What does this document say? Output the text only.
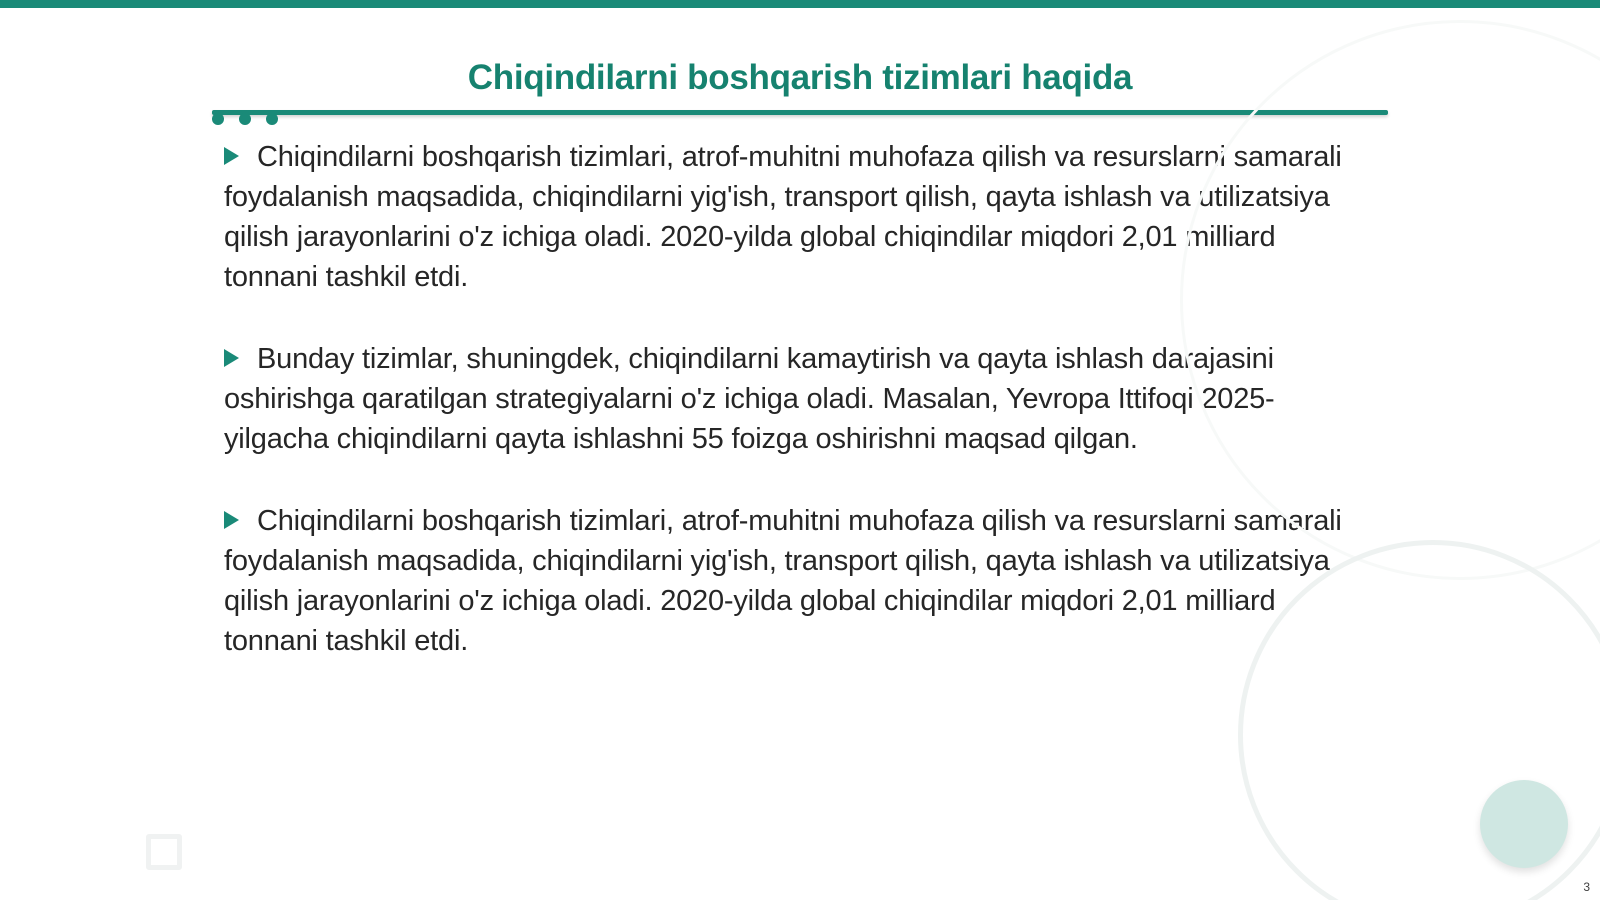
Chiqindilarni boshqarish tizimlari haqida
Chiqindilarni boshqarish tizimlari, atrof-muhitni muhofaza qilish va resurslarni samarali foydalanish maqsadida, chiqindilarni yig'ish, transport qilish, qayta ishlash va utilizatsiya qilish jarayonlarini o'z ichiga oladi. 2020-yilda global chiqindilar miqdori 2,01 milliard tonnani tashkil etdi.
Bunday tizimlar, shuningdek, chiqindilarni kamaytirish va qayta ishlash darajasini oshirishga qaratilgan strategiyalarni o'z ichiga oladi. Masalan, Yevropa Ittifoqi 2025-yilgacha chiqindilarni qayta ishlashni 55 foizga oshirishni maqsad qilgan.
Chiqindilarni boshqarish tizimlari, atrof-muhitni muhofaza qilish va resurslarni samarali foydalanish maqsadida, chiqindilarni yig'ish, transport qilish, qayta ishlash va utilizatsiya qilish jarayonlarini o'z ichiga oladi. 2020-yilda global chiqindilar miqdori 2,01 milliard tonnani tashkil etdi.
3
